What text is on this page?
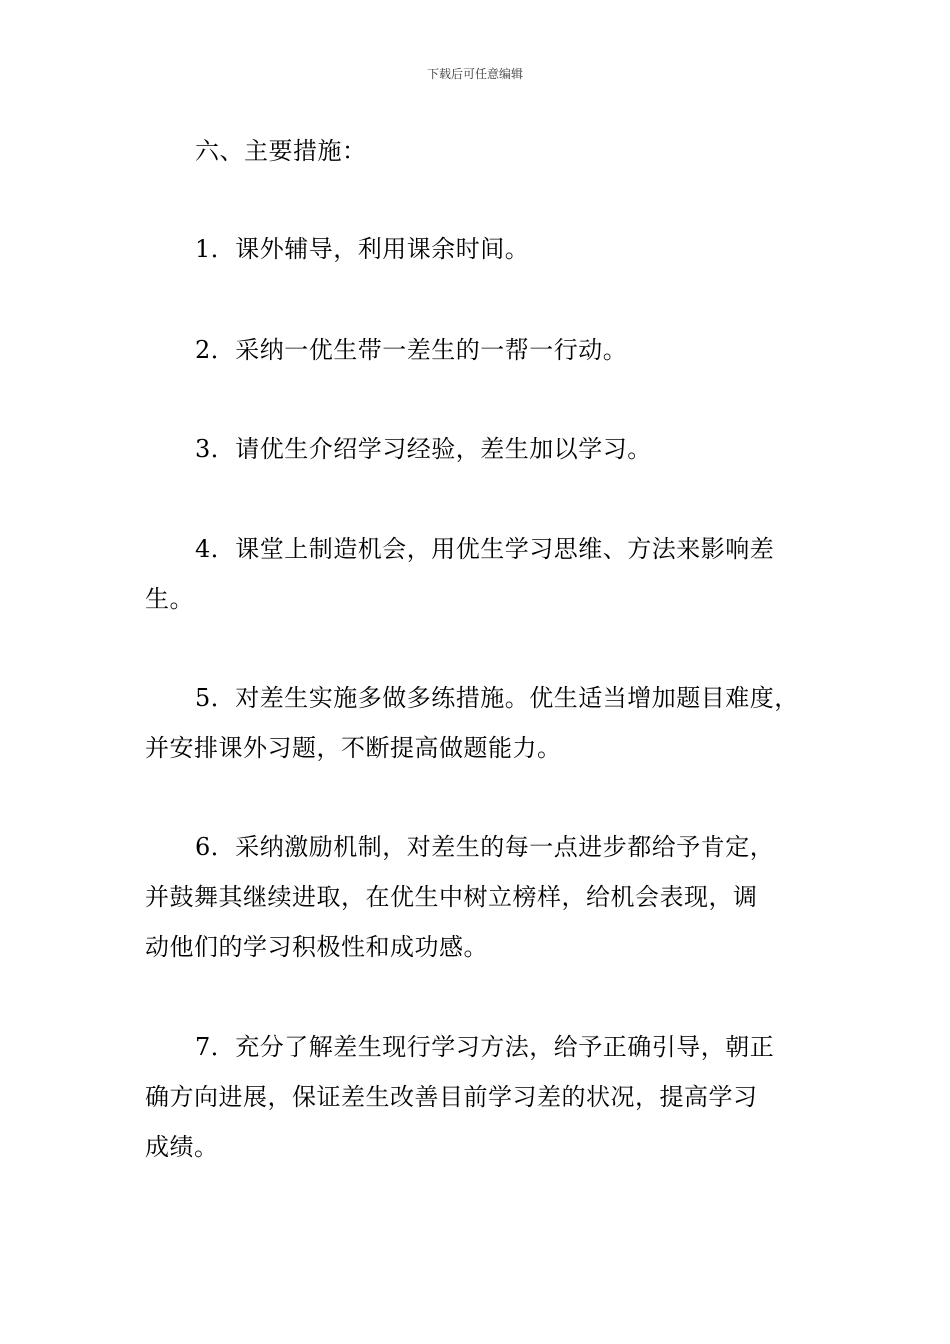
下载后可任意编辑
六、主要措施：
1．课外辅导，利用课余时间。
2．采纳一优生带一差生的一帮一行动。
3．请优生介绍学习经验，差生加以学习。
4．课堂上制造机会，用优生学习思维、方法来影响差
生。
5．对差生实施多做多练措施。优生适当增加题目难度，
并安排课外习题，不断提高做题能力。
6．采纳激励机制，对差生的每一点进步都给予肯定，
并鼓舞其继续进取，在优生中树立榜样，给机会表现，调
动他们的学习积极性和成功感。
7．充分了解差生现行学习方法，给予正确引导，朝正
确方向进展，保证差生改善目前学习差的状况，提高学习
成绩。
